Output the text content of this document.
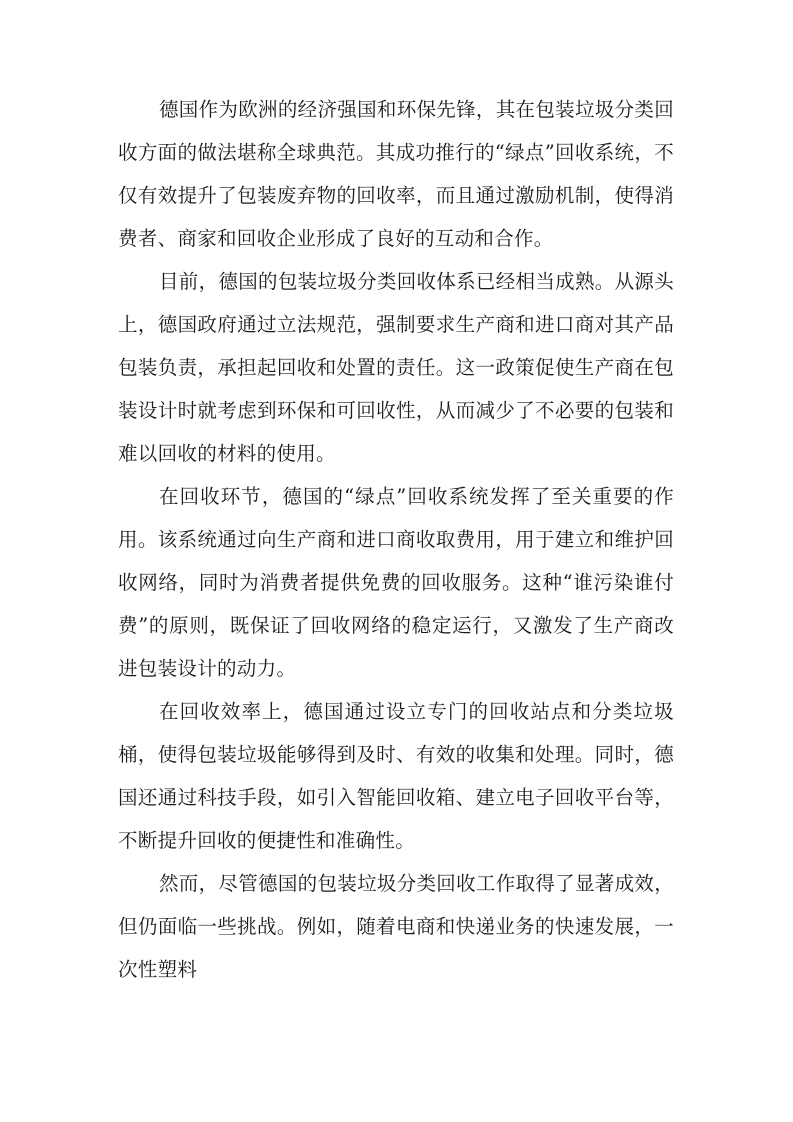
德国作为欧洲的经济强国和环保先锋，其在包装垃圾分类回收方面的做法堪称全球典范。其成功推行的“绿点”回收系统，不仅有效提升了包装废弃物的回收率，而且通过激励机制，使得消费者、商家和回收企业形成了良好的互动和合作。

目前，德国的包装垃圾分类回收体系已经相当成熟。从源头上，德国政府通过立法规范，强制要求生产商和进口商对其产品包装负责，承担起回收和处置的责任。这一政策促使生产商在包装设计时就考虑到环保和可回收性，从而减少了不必要的包装和难以回收的材料的使用。

在回收环节，德国的“绿点”回收系统发挥了至关重要的作用。该系统通过向生产商和进口商收取费用，用于建立和维护回收网络，同时为消费者提供免费的回收服务。这种“谁污染谁付费”的原则，既保证了回收网络的稳定运行，又激发了生产商改进包装设计的动力。

在回收效率上，德国通过设立专门的回收站点和分类垃圾桶，使得包装垃圾能够得到及时、有效的收集和处理。同时，德国还通过科技手段，如引入智能回收箱、建立电子回收平台等，不断提升回收的便捷性和准确性。

然而，尽管德国的包装垃圾分类回收工作取得了显著成效，但仍面临一些挑战。例如，随着电商和快递业务的快速发展，一次性塑料
